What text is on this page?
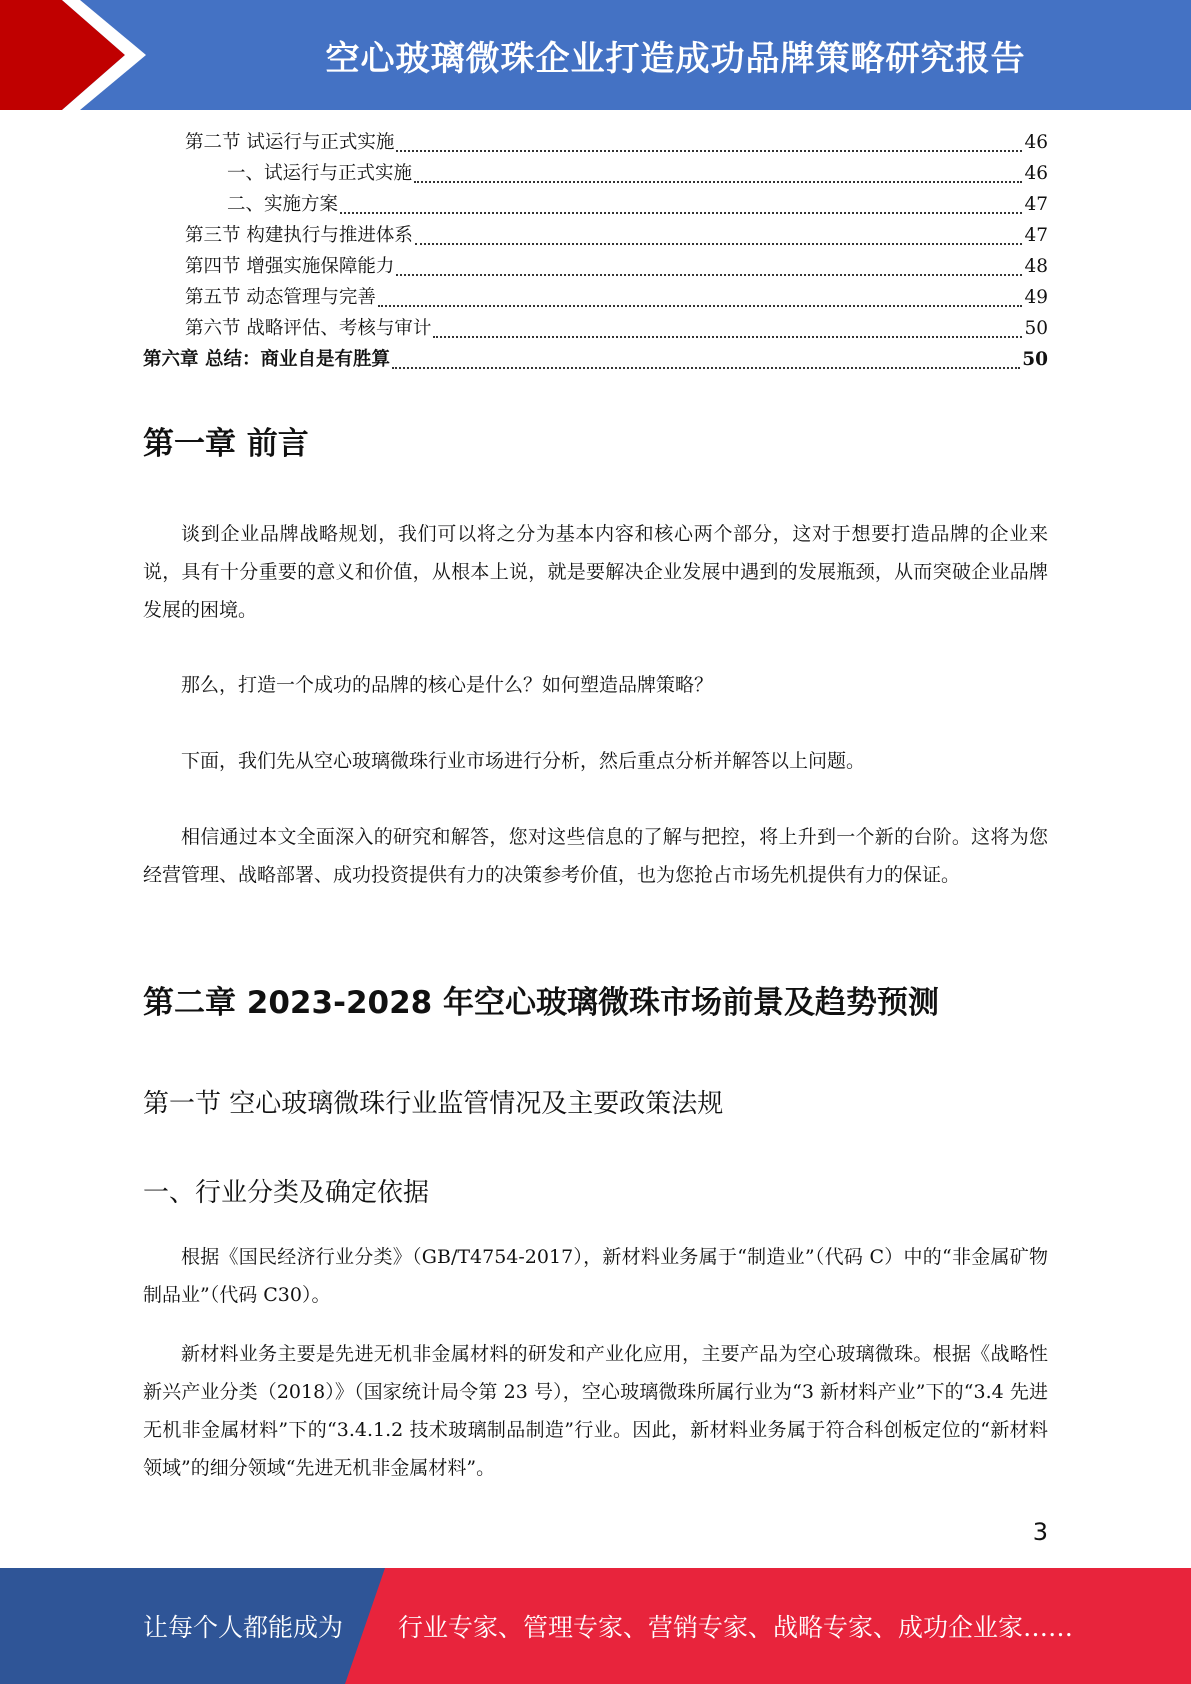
空心玻璃微珠企业打造成功品牌策略研究报告
第二节 试运行与正式实施	46
一、试运行与正式实施	46
二、实施方案	47
第三节 构建执行与推进体系	47
第四节 增强实施保障能力	48
第五节 动态管理与完善	49
第六节 战略评估、考核与审计	50
第六章 总结：商业自是有胜算	50
第一章 前言

谈到企业品牌战略规划，我们可以将之分为基本内容和核心两个部分，这对于想要打造品牌的企业来说，具有十分重要的意义和价值，从根本上说，就是要解决企业发展中遇到的发展瓶颈，从而突破企业品牌发展的困境。

那么，打造一个成功的品牌的核心是什么？如何塑造品牌策略？

下面，我们先从空心玻璃微珠行业市场进行分析，然后重点分析并解答以上问题。

相信通过本文全面深入的研究和解答，您对这些信息的了解与把控，将上升到一个新的台阶。这将为您经营管理、战略部署、成功投资提供有力的决策参考价值，也为您抢占市场先机提供有力的保证。

第二章 2023-2028 年空心玻璃微珠市场前景及趋势预测
第一节 空心玻璃微珠行业监管情况及主要政策法规
一、行业分类及确定依据

根据《国民经济行业分类》（GB/T4754-2017），新材料业务属于“制造业”（代码 C）中的“非金属矿物制品业”（代码 C30）。

新材料业务主要是先进无机非金属材料的研发和产业化应用，主要产品为空心玻璃微珠。根据《战略性新兴产业分类（2018）》（国家统计局令第 23 号），空心玻璃微珠所属行业为“3 新材料产业”下的“3.4 先进无机非金属材料”下的“3.4.1.2 技术玻璃制品制造”行业。因此，新材料业务属于符合科创板定位的“新材料领域”的细分领域“先进无机非金属材料”。

3
让每个人都能成为 行业专家、管理专家、营销专家、战略专家、成功企业家……
